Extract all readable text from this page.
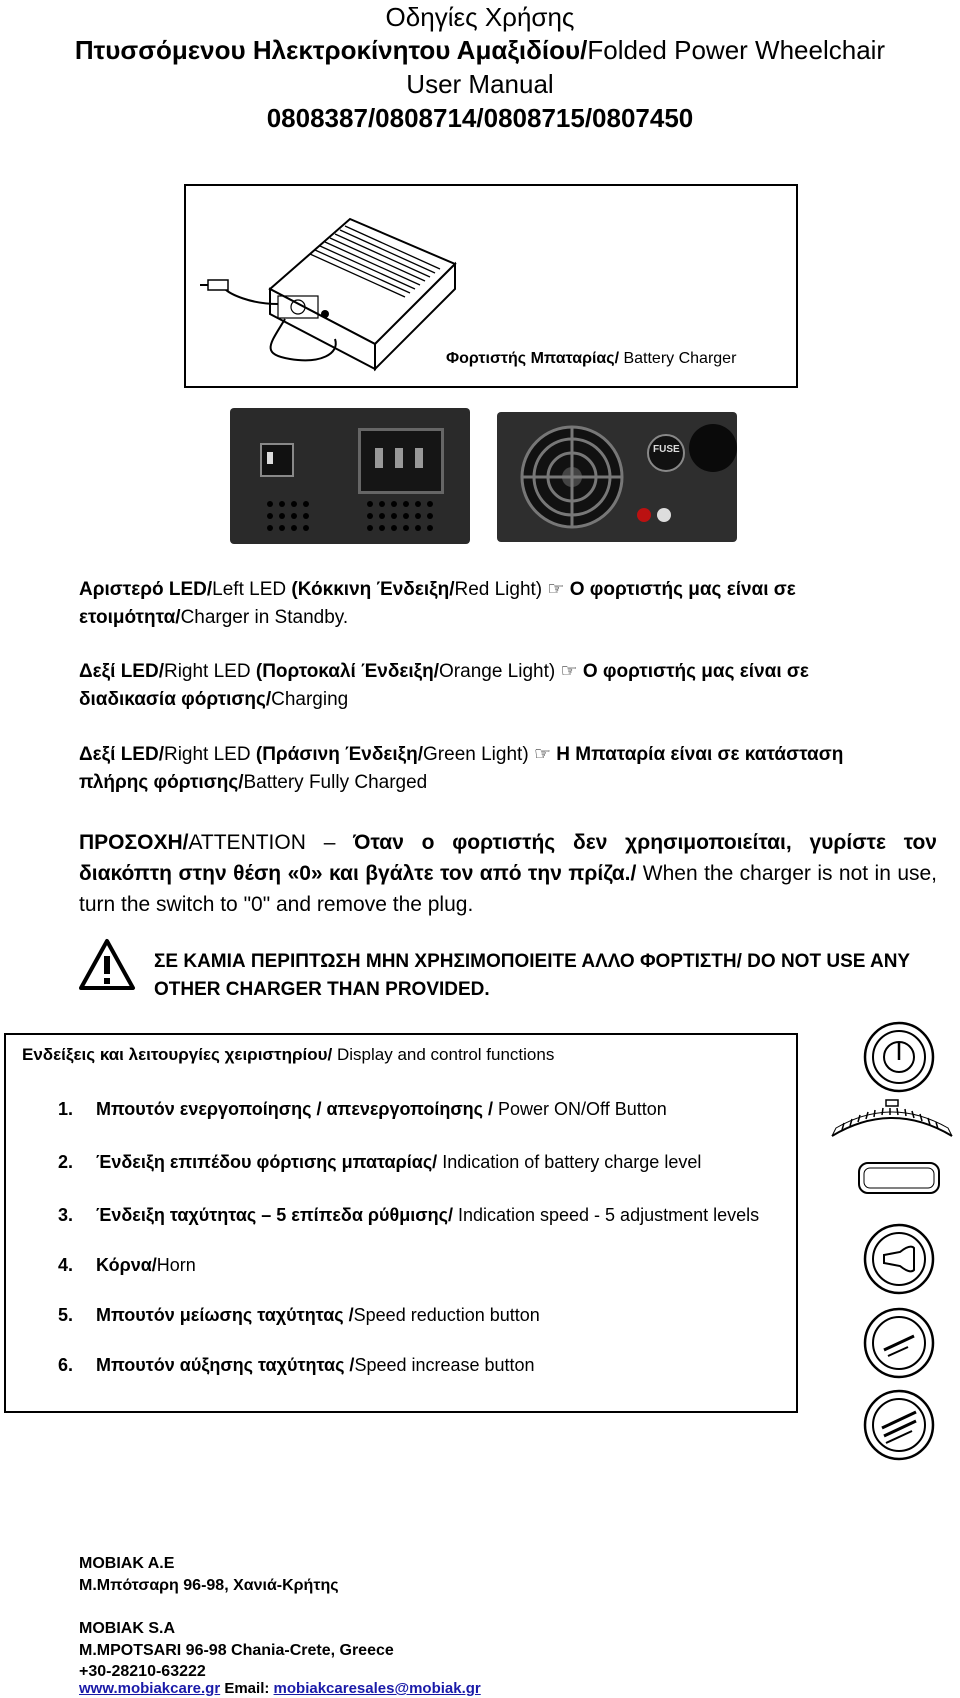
Οδηγίες Χρήσης
Πτυσσόμενου Ηλεκτροκίνητου Αμαξιδίου/Folded Power Wheelchair
User Manual
0808387/0808714/0808715/0807450
Φορτιστής Μπαταρίας/ Battery Charger
FUSE
Αριστερό LED/Left LED (Κόκκινη Ένδειξη/Red Light) ☞ Ο φορτιστής μας είναι σε ετοιμότητα/Charger in Standby.
Δεξί LED/Right LED (Πορτοκαλί Ένδειξη/Orange Light) ☞ Ο φορτιστής μας είναι σε διαδικασία φόρτισης/Charging
Δεξί LED/Right LED (Πράσινη Ένδειξη/Green Light) ☞ Η Μπαταρία είναι σε κατάσταση πλήρης φόρτισης/Battery Fully Charged
ΠΡΟΣΟΧΗ/ATTENTION – Όταν ο φορτιστής δεν χρησιμοποιείται, γυρίστε τον διακόπτη στην θέση «0» και βγάλτε τον από την πρίζα./ When the charger is not in use, turn the switch to "0" and remove the plug.
ΣΕ ΚΑΜΙΑ ΠΕΡΙΠΤΩΣΗ ΜΗΝ ΧΡΗΣΙΜΟΠΟΙΕΙΤΕ ΑΛΛΟ ΦΟΡΤΙΣΤΗ/ DO NOT USE ANY OTHER CHARGER THAN PROVIDED.
Ενδείξεις και λειτουργίες χειριστηρίου/ Display and control functions
1. Μπουτόν ενεργοποίησης / απενεργοποίησης / Power ON/Off Button
2. Ένδειξη επιπέδου φόρτισης μπαταρίας/ Indication of battery charge level
3. Ένδειξη ταχύτητας – 5 επίπεδα ρύθμισης/ Indication speed - 5 adjustment levels
4. Κόρνα/Horn
5. Μπουτόν μείωσης ταχύτητας /Speed reduction button
6. Μπουτόν αύξησης ταχύτητας /Speed increase button
MOBIAK A.E
Μ.Μπότσαρη 96-98, Χανιά-Κρήτης
MOBIAK S.A
M.MPOTSARI 96-98 Chania-Crete, Greece
+30-28210-63222
www.mobiakcare.gr Email: mobiakcaresales@mobiak.gr
